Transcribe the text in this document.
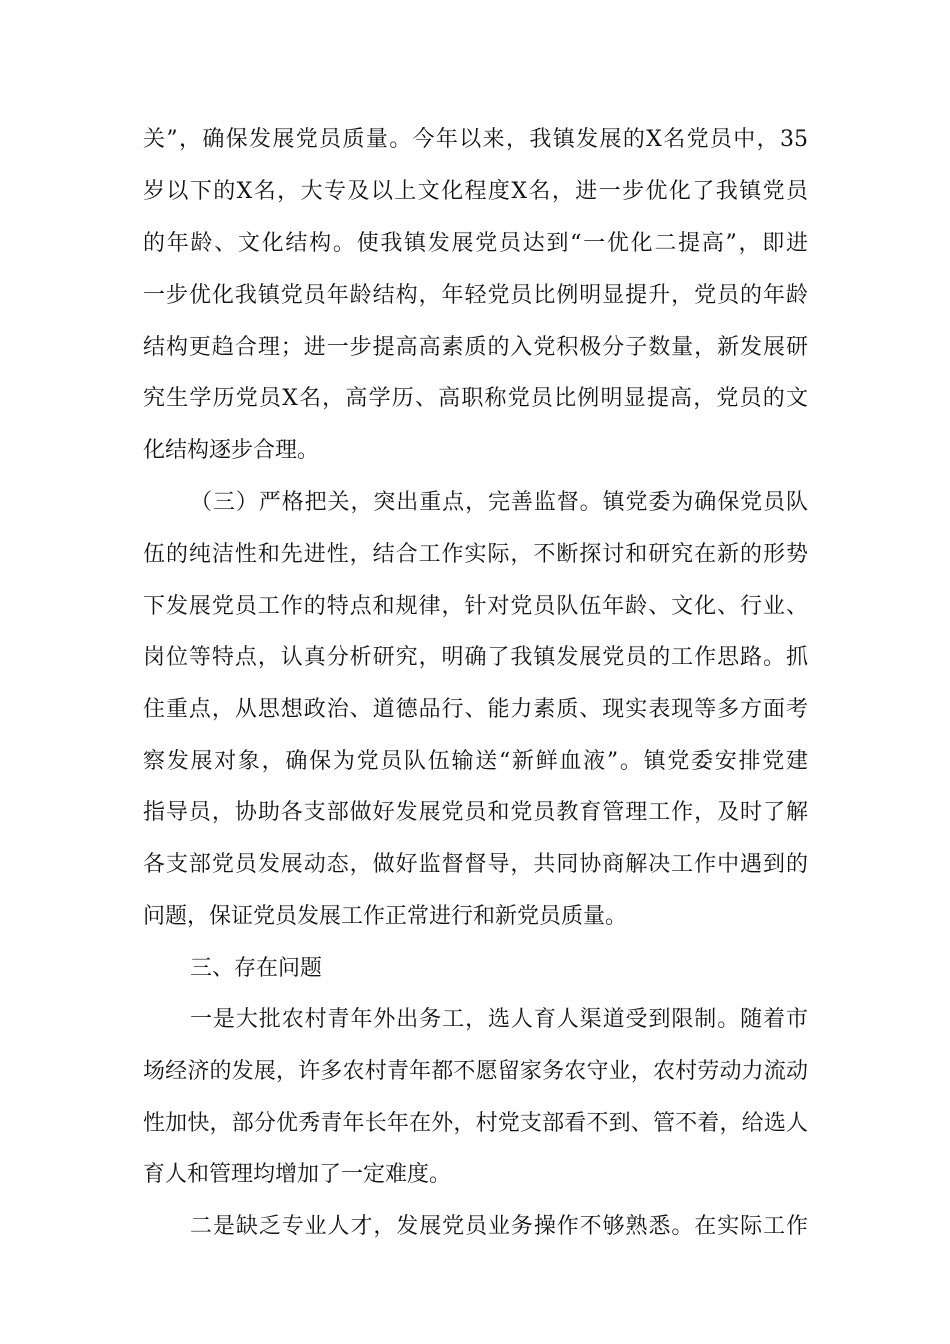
关”，确保发展党员质量。今年以来，我镇发展的X名党员中，35
岁以下的X名，大专及以上文化程度X名，进一步优化了我镇党员
的年龄、文化结构。使我镇发展党员达到“一优化二提高”，即进
一步优化我镇党员年龄结构，年轻党员比例明显提升，党员的年龄
结构更趋合理；进一步提高高素质的入党积极分子数量，新发展研
究生学历党员X名，高学历、高职称党员比例明显提高，党员的文
化结构逐步合理。
（三）严格把关，突出重点，完善监督。镇党委为确保党员队
伍的纯洁性和先进性，结合工作实际，不断探讨和研究在新的形势
下发展党员工作的特点和规律，针对党员队伍年龄、文化、行业、
岗位等特点，认真分析研究，明确了我镇发展党员的工作思路。抓
住重点，从思想政治、道德品行、能力素质、现实表现等多方面考
察发展对象，确保为党员队伍输送“新鲜血液”。镇党委安排党建
指导员，协助各支部做好发展党员和党员教育管理工作，及时了解
各支部党员发展动态，做好监督督导，共同协商解决工作中遇到的
问题，保证党员发展工作正常进行和新党员质量。
三、存在问题
一是大批农村青年外出务工，选人育人渠道受到限制。随着市
场经济的发展，许多农村青年都不愿留家务农守业，农村劳动力流动
性加快，部分优秀青年长年在外，村党支部看不到、管不着，给选人
育人和管理均增加了一定难度。
二是缺乏专业人才，发展党员业务操作不够熟悉。在实际工作
